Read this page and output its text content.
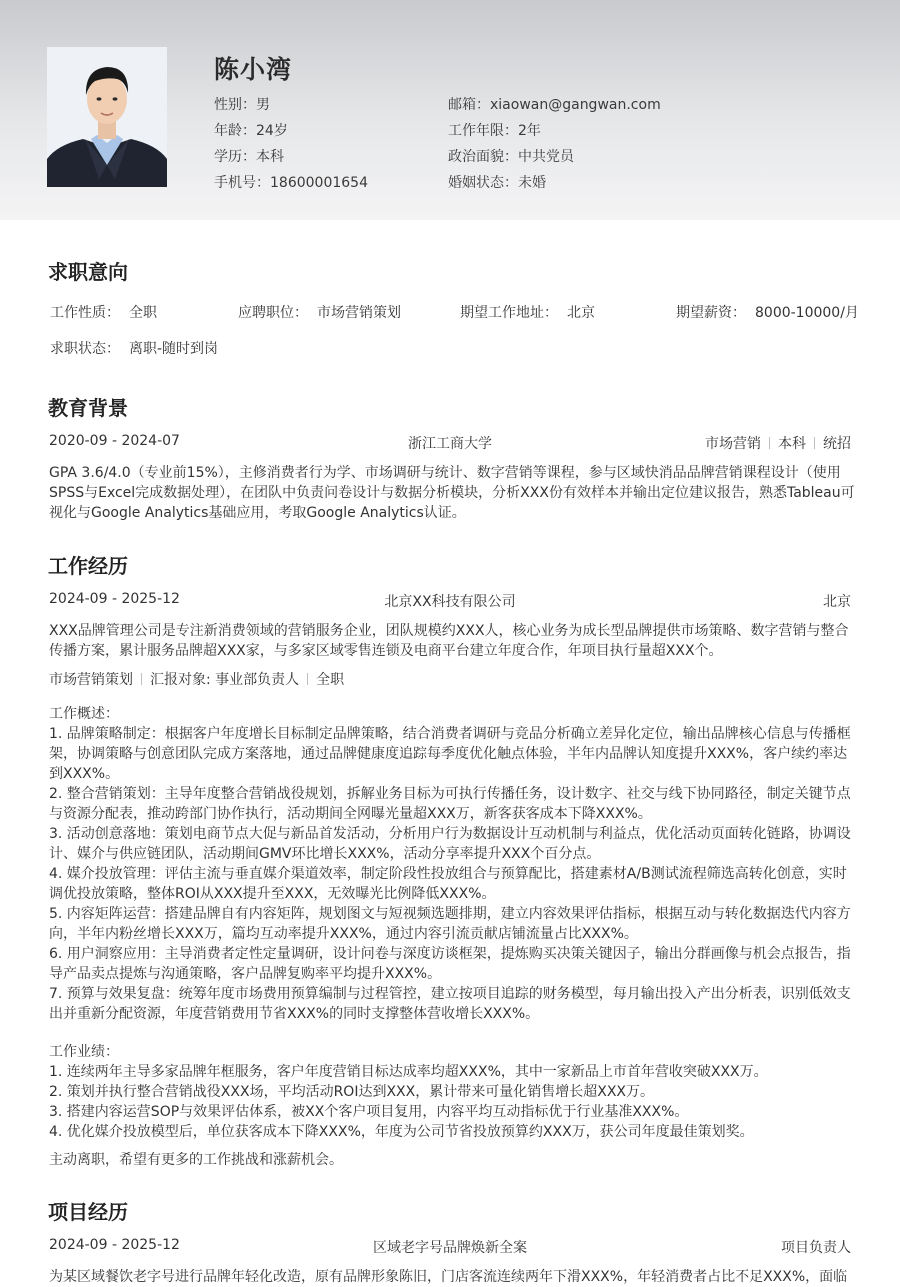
陈小湾
性别：男
年龄：24岁
学历：本科
手机号：18600001654
邮箱：xiaowan@gangwan.com
工作年限：2年
政治面貌：中共党员
婚姻状态：未婚
求职意向
工作性质： 全职	应聘职位： 市场营销策划	期望工作地址： 北京	期望薪资： 8000-10000/月
求职状态： 离职-随时到岗
教育背景
2020-09 - 2024-07	浙江工商大学	市场营销 本科 统招
GPA 3.6/4.0（专业前15%），主修消费者行为学、市场调研与统计、数字营销等课程，参与区域快消品品牌营销课程设计（使用SPSS与Excel完成数据处理），在团队中负责问卷设计与数据分析模块，分析XXX份有效样本并输出定位建议报告，熟悉Tableau可视化与Google Analytics基础应用，考取Google Analytics认证。
工作经历
2024-09 - 2025-12	北京XX科技有限公司	北京
XXX品牌管理公司是专注新消费领域的营销服务企业，团队规模约XXX人，核心业务为成长型品牌提供市场策略、数字营销与整合传播方案，累计服务品牌超XXX家，与多家区域零售连锁及电商平台建立年度合作，年项目执行量超XXX个。
市场营销策划 汇报对象: 事业部负责人 全职
工作概述：
1. 品牌策略制定：根据客户年度增长目标制定品牌策略，结合消费者调研与竞品分析确立差异化定位，输出品牌核心信息与传播框架，协调策略与创意团队完成方案落地，通过品牌健康度追踪每季度优化触点体验，半年内品牌认知度提升XXX%，客户续约率达到XXX%。
2. 整合营销策划：主导年度整合营销战役规划，拆解业务目标为可执行传播任务，设计数字、社交与线下协同路径，制定关键节点与资源分配表，推动跨部门协作执行，活动期间全网曝光量超XXX万，新客获客成本下降XXX%。
3. 活动创意落地：策划电商节点大促与新品首发活动，分析用户行为数据设计互动机制与利益点，优化活动页面转化链路，协调设计、媒介与供应链团队，活动期间GMV环比增长XXX%，活动分享率提升XXX个百分点。
4. 媒介投放管理：评估主流与垂直媒介渠道效率，制定阶段性投放组合与预算配比，搭建素材A/B测试流程筛选高转化创意，实时调优投放策略，整体ROI从XXX提升至XXX，无效曝光比例降低XXX%。
5. 内容矩阵运营：搭建品牌自有内容矩阵，规划图文与短视频选题排期，建立内容效果评估指标，根据互动与转化数据迭代内容方向，半年内粉丝增长XXX万，篇均互动率提升XXX%，通过内容引流贡献店铺流量占比XXX%。
6. 用户洞察应用：主导消费者定性定量调研，设计问卷与深度访谈框架，提炼购买决策关键因子，输出分群画像与机会点报告，指导产品卖点提炼与沟通策略，客户品牌复购率平均提升XXX%。
7. 预算与效果复盘：统筹年度市场费用预算编制与过程管控，建立按项目追踪的财务模型，每月输出投入产出分析表，识别低效支出并重新分配资源，年度营销费用节省XXX%的同时支撑整体营收增长XXX%。
工作业绩：
1. 连续两年主导多家品牌年框服务，客户年度营销目标达成率均超XXX%，其中一家新品上市首年营收突破XXX万。
2. 策划并执行整合营销战役XXX场，平均活动ROI达到XXX，累计带来可量化销售增长超XXX万。
3. 搭建内容运营SOP与效果评估体系，被XX个客户项目复用，内容平均互动指标优于行业基准XXX%。
4. 优化媒介投放模型后，单位获客成本下降XXX%，年度为公司节省投放预算约XXX万，获公司年度最佳策划奖。
主动离职，希望有更多的工作挑战和涨薪机会。
项目经历
2024-09 - 2025-12	区域老字号品牌焕新全案	项目负责人
为某区域餐饮老字号进行品牌年轻化改造，原有品牌形象陈旧，门店客流连续两年下滑XXX%，年轻消费者占比不足XXX%，面临
